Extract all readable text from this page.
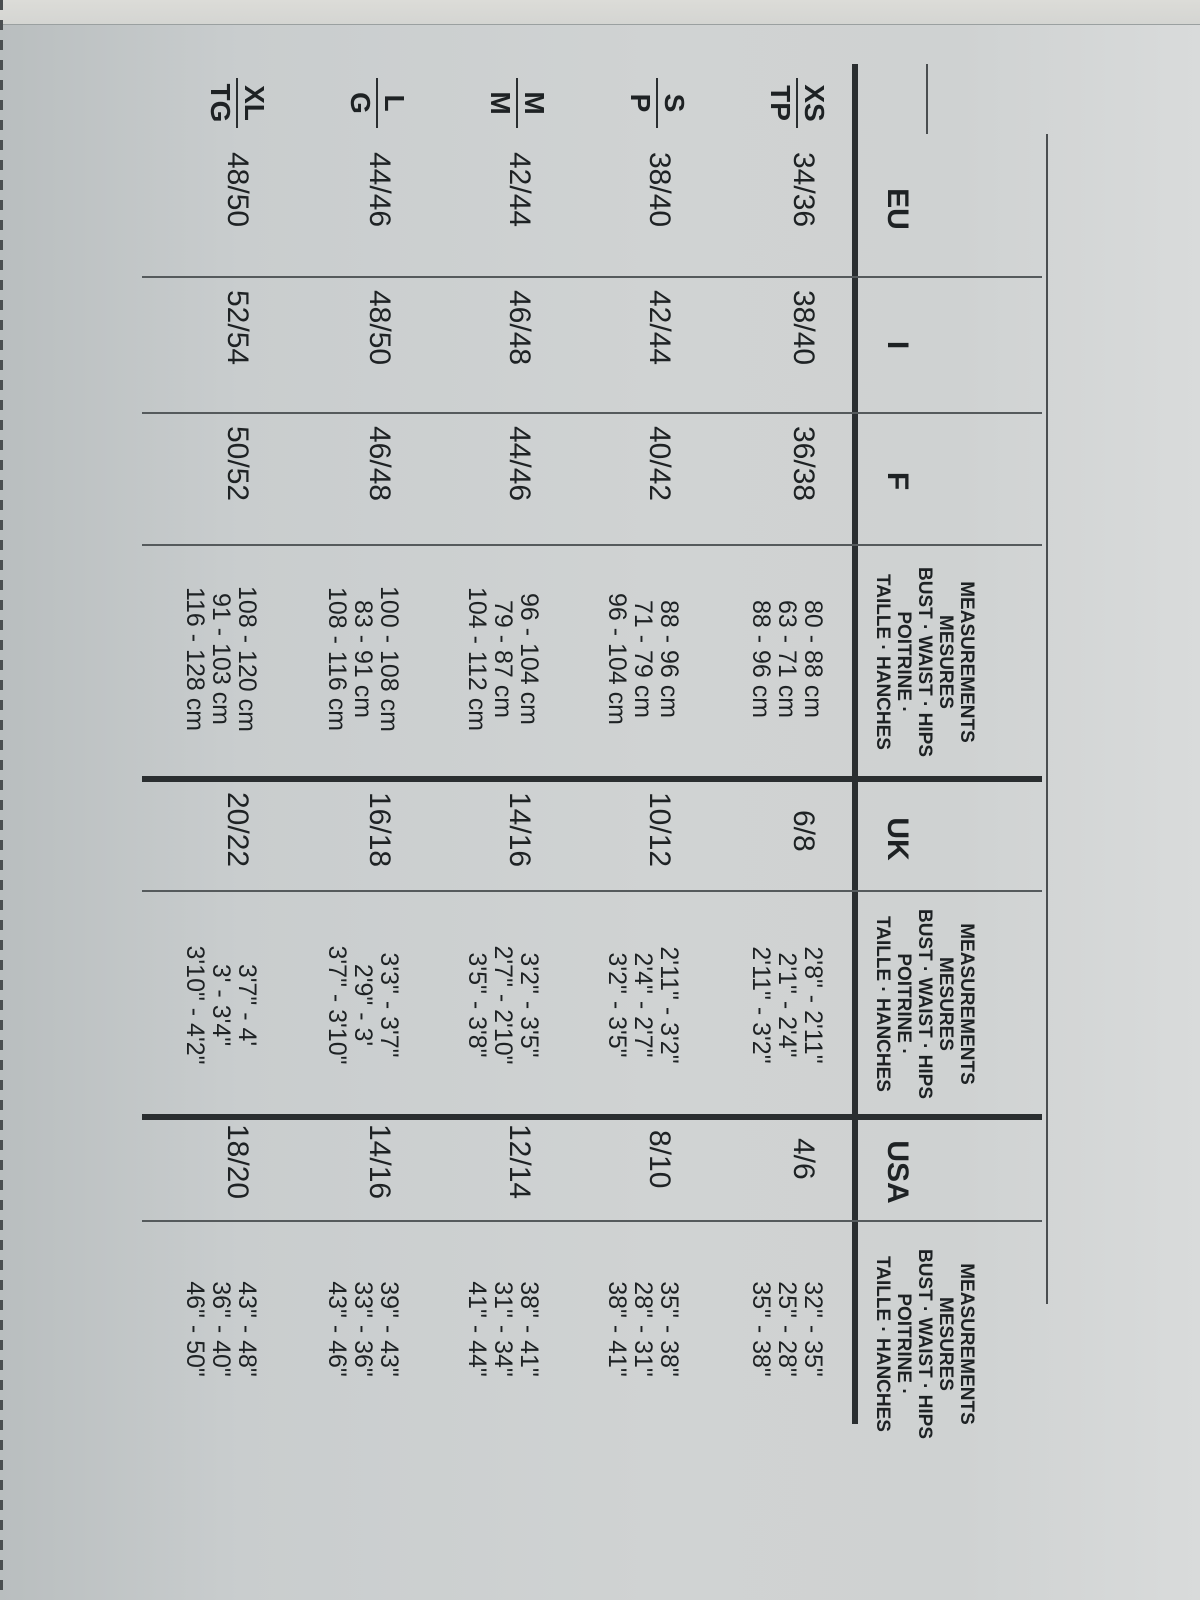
EU
I
F
MEASUREMENTS
MESURES
BUST · WAIST · HIPS
POITRINE ·
TAILLE · HANCHES
UK
MEASUREMENTS
MESURES
BUST · WAIST · HIPS
POITRINE ·
TAILLE · HANCHES
USA
MEASUREMENTS
MESURES
BUST · WAIST · HIPS
POITRINE ·
TAILLE · HANCHES
XS
TP
34/36
38/40
36/38
80 - 88 cm
63 - 71 cm
88 - 96 cm
6/8
2'8" - 2'11"
2'1" - 2'4"
2'11" - 3'2"
4/6
32" - 35"
25" - 28"
35" - 38"
S
P
38/40
42/44
40/42
88 - 96 cm
71 - 79 cm
96 - 104 cm
10/12
2'11" - 3'2"
2'4" - 2'7"
3'2" - 3'5"
8/10
35" - 38"
28" - 31"
38" - 41"
M
M
42/44
46/48
44/46
96 - 104 cm
79 - 87 cm
104 - 112 cm
14/16
3'2" - 3'5"
2'7" - 2'10"
3'5" - 3'8"
12/14
38" - 41"
31" - 34"
41" - 44"
L
G
44/46
48/50
46/48
100 - 108 cm
83 - 91 cm
108 - 116 cm
16/18
3'3" - 3'7"
2'9" - 3'
3'7" - 3'10"
14/16
39" - 43"
33" - 36"
43" - 46"
XL
TG
48/50
52/54
50/52
108 - 120 cm
91 - 103 cm
116 - 128 cm
20/22
3'7" - 4'
3' - 3'4"
3'10" - 4'2"
18/20
43" - 48"
36" - 40"
46" - 50"
